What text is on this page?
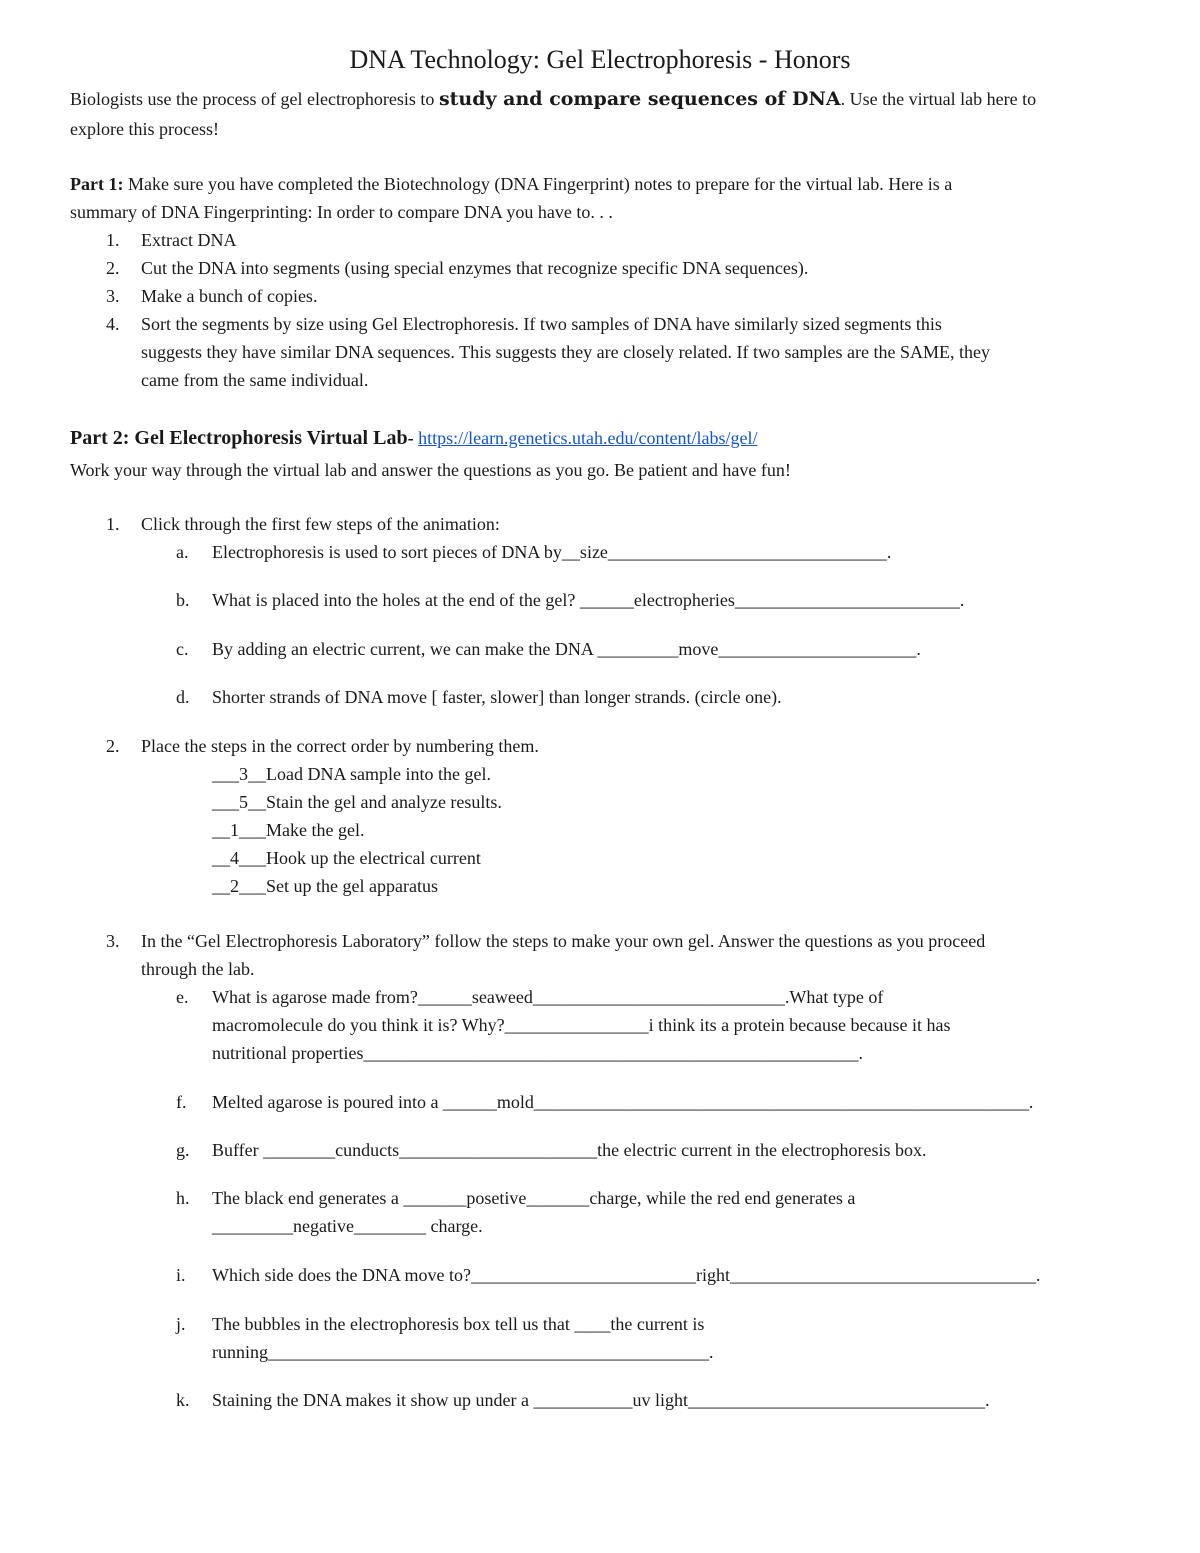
DNA Technology: Gel Electrophoresis - Honors
Biologists use the process of gel electrophoresis to study and compare sequences of DNA. Use the virtual lab here to
explore this process!
Part 1: Make sure you have completed the Biotechnology (DNA Fingerprint) notes to prepare for the virtual lab. Here is a
summary of DNA Fingerprinting: In order to compare DNA you have to. . .
1. Extract DNA
2. Cut the DNA into segments (using special enzymes that recognize specific DNA sequences).
3. Make a bunch of copies.
4. Sort the segments by size using Gel Electrophoresis. If two samples of DNA have similarly sized segments this
suggests they have similar DNA sequences. This suggests they are closely related. If two samples are the SAME, they
came from the same individual.
Part 2: Gel Electrophoresis Virtual Lab- https://learn.genetics.utah.edu/content/labs/gel/
Work your way through the virtual lab and answer the questions as you go. Be patient and have fun!
1. Click through the first few steps of the animation:
a. Electrophoresis is used to sort pieces of DNA by__size_______________________________.
b. What is placed into the holes at the end of the gel? ______electropheries_________________________.
c. By adding an electric current, we can make the DNA _________move______________________.
d. Shorter strands of DNA move [ faster, slower] than longer strands. (circle one).
2. Place the steps in the correct order by numbering them.
___3__Load DNA sample into the gel.
___5__Stain the gel and analyze results.
__1___Make the gel.
__4___Hook up the electrical current
__2___Set up the gel apparatus
3. In the “Gel Electrophoresis Laboratory” follow the steps to make your own gel. Answer the questions as you proceed
through the lab.
e. What is agarose made from?______seaweed____________________________.What type of
macromolecule do you think it is? Why?________________i think its a protein because because it has
nutritional properties_______________________________________________________.
f. Melted agarose is poured into a ______mold_______________________________________________________.
g. Buffer ________cunducts______________________the electric current in the electrophoresis box.
h. The black end generates a _______posetive_______charge, while the red end generates a
_________negative________ charge.
i. Which side does the DNA move to?_________________________right__________________________________.
j. The bubbles in the electrophoresis box tell us that ____the current is
running_________________________________________________.
k. Staining the DNA makes it show up under a ___________uv light_________________________________.
